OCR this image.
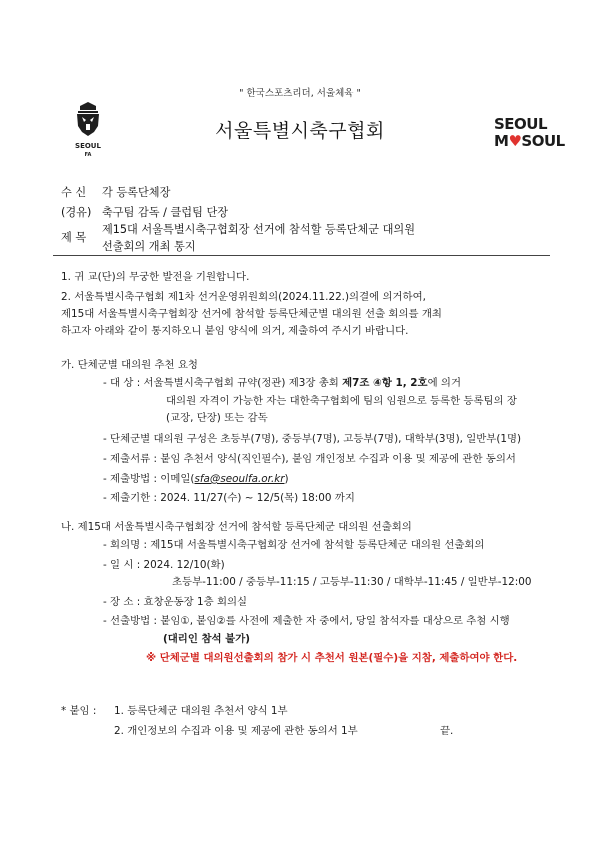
" 한국스포츠리더, 서울체육 "
SEOUL
FA
서울특별시축구협회	SEOUL
M♥SOUL
수 신 각 등록단체장
(경유) 축구팀 감독 / 클럽팀 단장
제 목
제15대 서울특별시축구협회장 선거에 참석할 등록단체군 대의원
선출회의 개최 통지
1. 귀 교(단)의 무궁한 발전을 기원합니다.
2. 서울특별시축구협회 제1차 선거운영위원회의(2024.11.22.)의결에 의거하여,
제15대 서울특별시축구협회장 선거에 참석할 등록단체군별 대의원 선출 회의를 개최
하고자 아래와 같이 통지하오니 붙임 양식에 의거, 제출하여 주시기 바랍니다.
가. 단체군별 대의원 추천 요청
- 대 상 : 서울특별시축구협회 규약(정관) 제3장 총회 제7조 ④항 1, 2호에 의거
대의원 자격이 가능한 자는 대한축구협회에 팀의 임원으로 등록한 등록팀의 장
(교장, 단장) 또는 감독
- 단체군별 대의원 구성은 초등부(7명), 중등부(7명), 고등부(7명), 대학부(3명), 일반부(1명)
- 제출서류 : 붙임 추천서 양식(직인필수), 붙임 개인정보 수집과 이용 및 제공에 관한 동의서
- 제출방법 : 이메일(sfa@seoulfa.or.kr)
- 제출기한 : 2024. 11/27(수) ~ 12/5(목) 18:00 까지
나. 제15대 서울특별시축구협회장 선거에 참석할 등록단체군 대의원 선출회의
- 회의명 : 제15대 서울특별시축구협회장 선거에 참석할 등록단체군 대의원 선출회의
- 일 시 : 2024. 12/10(화)
초등부-11:00 / 중등부-11:15 / 고등부-11:30 / 대학부-11:45 / 일반부-12:00
- 장 소 : 효창운동장 1층 회의실
- 선출방법 : 붙임①, 붙임②를 사전에 제출한 자 중에서, 당일 참석자를 대상으로 추첨 시행
(대리인 참석 불가)
※ 단체군별 대의원선출회의 참가 시 추천서 원본(필수)을 지참, 제출하여야 한다.
* 붙임 : 1. 등록단체군 대의원 추천서 양식 1부
2. 개인정보의 수집과 이용 및 제공에 관한 동의서 1부	끝.
